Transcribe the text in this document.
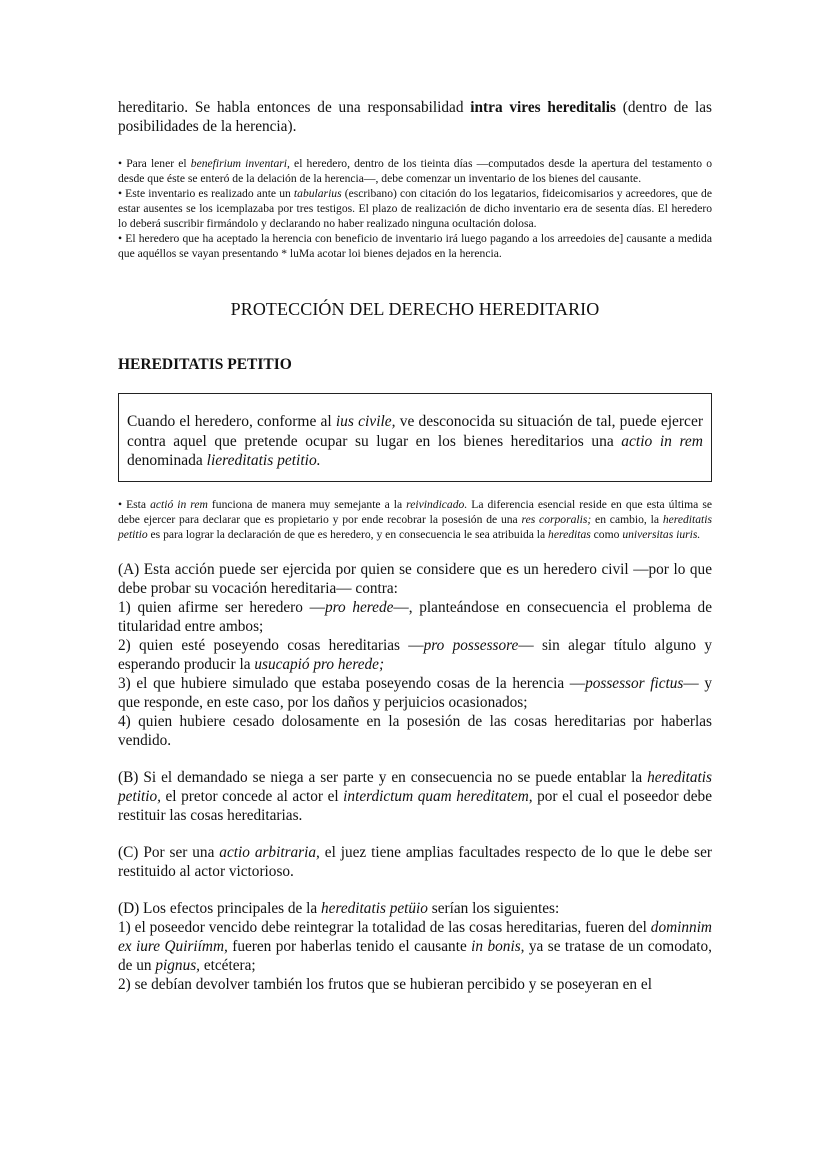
hereditario. Se habla entonces de una responsabilidad intra vires hereditalis (dentro de las posibilidades de la herencia).

• Para lener el benefirium inventari, el heredero, dentro de los tieinta días —computados desde la apertura del testamento o desde que éste se enteró de la delación de la herencia—, debe comenzar un inventario de los bienes del causante.

• Este inventario es realizado ante un tabularius (escribano) con citación do los legatarios, fideicomisarios y acreedores, que de estar ausentes se los icemplazaba por tres testigos. El plazo de realización de dicho inventario era de sesenta días. El heredero lo deberá suscribir firmándolo y declarando no haber realizado ninguna ocultación dolosa.

• El heredero que ha aceptado la herencia con beneficio de inventario irá luego pagando a los arreedoies de] causante a medida que aquéllos se vayan presentando * luMa acotar loi bienes dejados en la herencia.

PROTECCIÓN DEL DERECHO HEREDITARIO
HEREDITATIS PETITIO

Cuando el heredero, conforme al ius civile, ve desconocida su situación de tal, puede ejercer contra aquel que pretende ocupar su lugar en los bienes hereditarios una actio in rem denominada liereditatis petitio.

• Esta actió in rem funciona de manera muy semejante a la reivindicado. La diferencia esencial reside en que esta última se debe ejercer para declarar que es propietario y por ende recobrar la posesión de una res corporalis; en cambio, la hereditatis petitio es para lograr la declaración de que es heredero, y en consecuencia le sea atribuida la hereditas como universitas iuris.

(A) Esta acción puede ser ejercida por quien se considere que es un heredero civil —por lo que debe probar su vocación hereditaria— contra:

1) quien afirme ser heredero —pro herede—, planteándose en consecuencia el problema de titularidad entre ambos;

2) quien esté poseyendo cosas hereditarias —pro possessore— sin alegar título alguno y esperando producir la usucapió pro herede;

3) el que hubiere simulado que estaba poseyendo cosas de la herencia —possessor fictus— y que responde, en este caso, por los daños y perjuicios ocasionados;

4) quien hubiere cesado dolosamente en la posesión de las cosas hereditarias por haberlas vendido.

(B) Si el demandado se niega a ser parte y en consecuencia no se puede entablar la hereditatis petitio, el pretor concede al actor el interdictum quam hereditatem, por el cual el poseedor debe restituir las cosas hereditarias.

(C) Por ser una actio arbitraria, el juez tiene amplias facultades respecto de lo que le debe ser restituido al actor victorioso.

(D) Los efectos principales de la hereditatis petüio serían los siguientes:

1) el poseedor vencido debe reintegrar la totalidad de las cosas hereditarias, fueren del dominnim ex iure Quiriímm, fueren por haberlas tenido el causante in bonis, ya se tratase de un comodato, de un pignus, etcétera;

2) se debían devolver también los frutos que se hubieran percibido y se poseyeran en el
